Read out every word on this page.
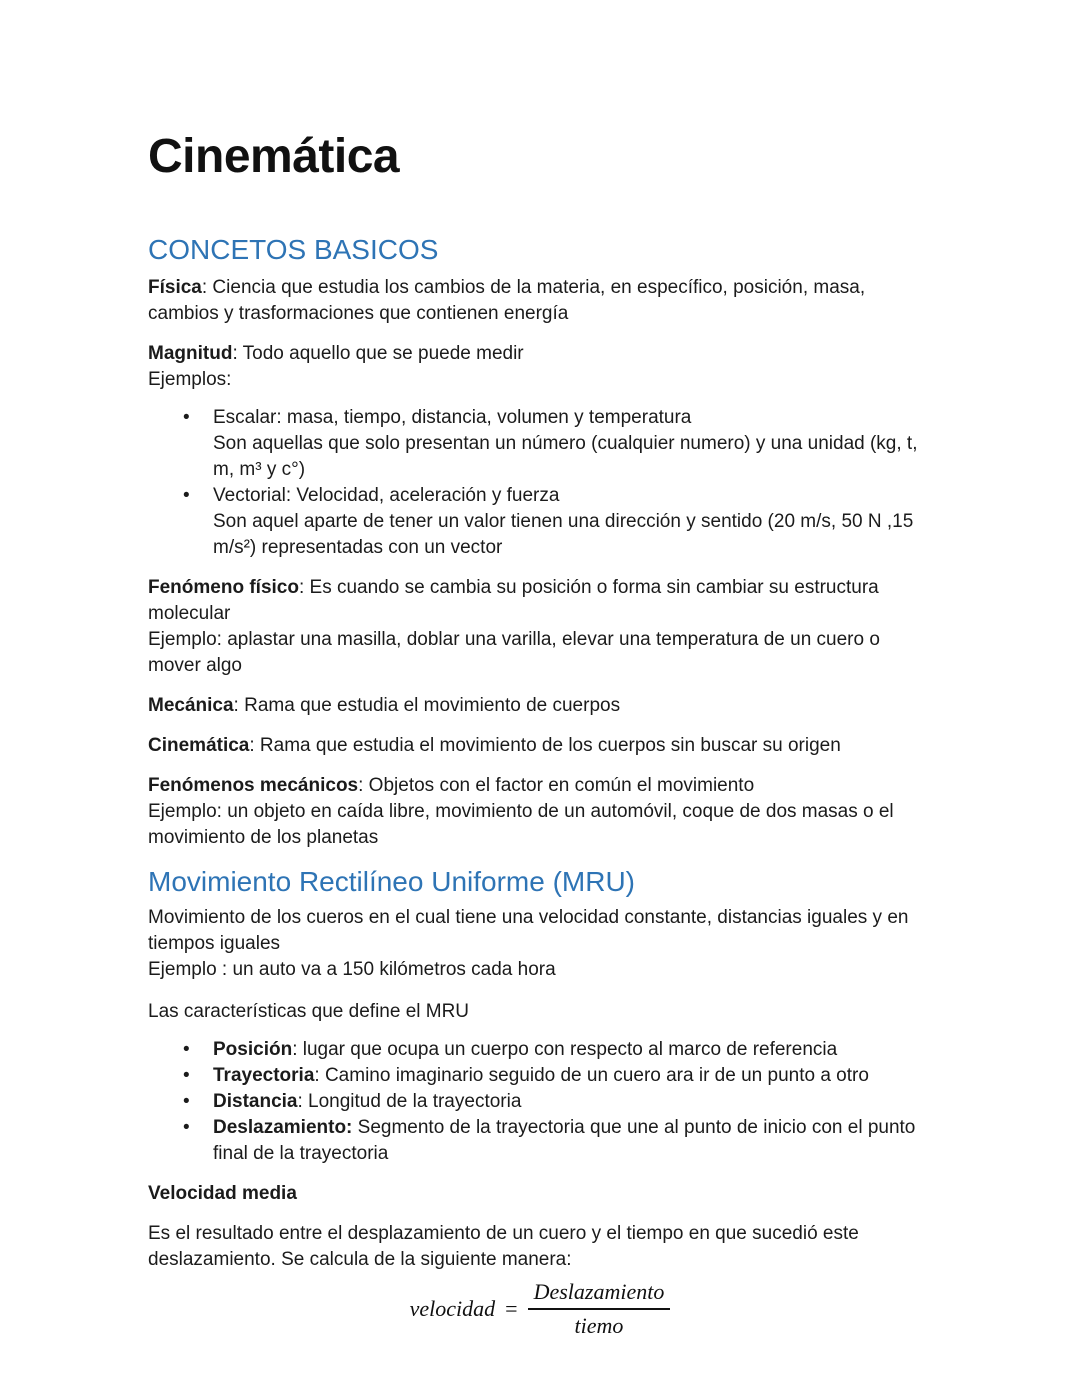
Cinemática
CONCETOS BASICOS

Física: Ciencia que estudia los cambios de la materia, en específico, posición, masa, cambios y trasformaciones que contienen energía

Magnitud: Todo aquello que se puede medir
Ejemplos:

• Escalar: masa, tiempo, distancia, volumen y temperatura
Son aquellas que solo presentan un número (cualquier numero) y una unidad (kg, t, m, m³ y c°)
• Vectorial: Velocidad, aceleración y fuerza
Son aquel aparte de tener un valor tienen una dirección y sentido (20 m/s, 50 N ,15 m/s²) representadas con un vector

Fenómeno físico: Es cuando se cambia su posición o forma sin cambiar su estructura molecular
Ejemplo: aplastar una masilla, doblar una varilla, elevar una temperatura de un cuero o mover algo

Mecánica: Rama que estudia el movimiento de cuerpos

Cinemática: Rama que estudia el movimiento de los cuerpos sin buscar su origen

Fenómenos mecánicos: Objetos con el factor en común el movimiento
Ejemplo: un objeto en caída libre, movimiento de un automóvil, coque de dos masas o el movimiento de los planetas

Movimiento Rectilíneo Uniforme (MRU)

Movimiento de los cueros en el cual tiene una velocidad constante, distancias iguales y en tiempos iguales
Ejemplo : un auto va a 150 kilómetros cada hora

Las características que define el MRU

• Posición: lugar que ocupa un cuerpo con respecto al marco de referencia
• Trayectoria: Camino imaginario seguido de un cuero ara ir de un punto a otro
• Distancia: Longitud de la trayectoria
• Deslazamiento: Segmento de la trayectoria que une al punto de inicio con el punto final de la trayectoria

Velocidad media

Es el resultado entre el desplazamiento de un cuero y el tiempo en que sucedió este deslazamiento. Se calcula de la siguiente manera:

velocidad = $\frac{\text{Deslazamiento}}{\text{tiemo}}$
